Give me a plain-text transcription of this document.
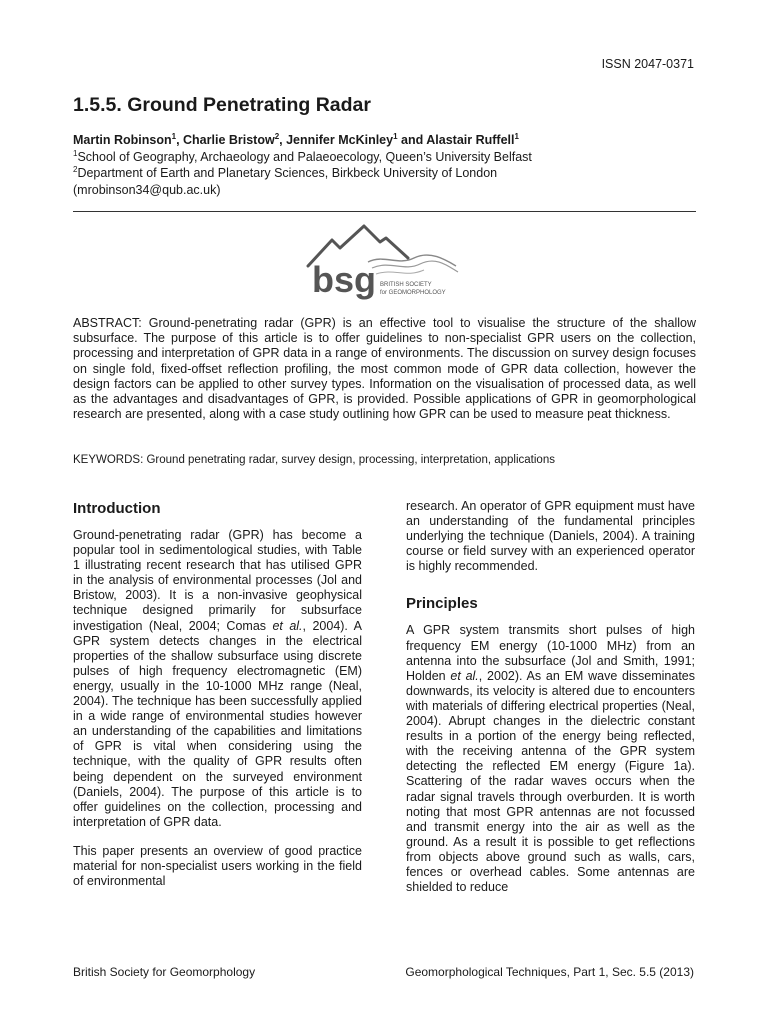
ISSN 2047-0371
1.5.5. Ground Penetrating Radar
Martin Robinson$^1$, Charlie Bristow$^2$, Jennifer McKinley$^1$ and Alastair Ruffell$^1$
$^1$School of Geography, Archaeology and Palaeoecology, Queen’s University Belfast
$^2$Department of Earth and Planetary Sciences, Birkbeck University of London
(mrobinson34@qub.ac.uk)
bsg BRITISH SOCIETY
for GEOMORPHOLOGY

ABSTRACT: Ground-penetrating radar (GPR) is an effective tool to visualise the structure of the shallow subsurface. The purpose of this article is to offer guidelines to non-specialist GPR users on the collection, processing and interpretation of GPR data in a range of environments. The discussion on survey design focuses on single fold, fixed-offset reflection profiling, the most common mode of GPR data collection, however the design factors can be applied to other survey types. Information on the visualisation of processed data, as well as the advantages and disadvantages of GPR, is provided. Possible applications of GPR in geomorphological research are presented, along with a case study outlining how GPR can be used to measure peat thickness.

KEYWORDS: Ground penetrating radar, survey design, processing, interpretation, applications

Introduction

Ground-penetrating radar (GPR) has become a popular tool in sedimentological studies, with Table 1 illustrating recent research that has utilised GPR in the analysis of environmental processes (Jol and Bristow, 2003). It is a non-invasive geophysical technique designed primarily for subsurface investigation (Neal, 2004; Comas et al., 2004). A GPR system detects changes in the electrical properties of the shallow subsurface using discrete pulses of high frequency electromagnetic (EM) energy, usually in the 10-1000 MHz range (Neal, 2004). The technique has been successfully applied in a wide range of environmental studies however an understanding of the capabilities and limitations of GPR is vital when considering using the technique, with the quality of GPR results often being dependent on the surveyed environment (Daniels, 2004). The purpose of this article is to offer guidelines on the collection, processing and interpretation of GPR data.

This paper presents an overview of good practice material for non-specialist users working in the field of environmental

research. An operator of GPR equipment must have an understanding of the fundamental principles underlying the technique (Daniels, 2004). A training course or field survey with an experienced operator is highly recommended.

Principles

A GPR system transmits short pulses of high frequency EM energy (10-1000 MHz) from an antenna into the subsurface (Jol and Smith, 1991; Holden et al., 2002). As an EM wave disseminates downwards, its velocity is altered due to encounters with materials of differing electrical properties (Neal, 2004). Abrupt changes in the dielectric constant results in a portion of the energy being reflected, with the receiving antenna of the GPR system detecting the reflected EM energy (Figure 1a). Scattering of the radar waves occurs when the radar signal travels through overburden. It is worth noting that most GPR antennas are not focussed and transmit energy into the air as well as the ground. As a result it is possible to get reflections from objects above ground such as walls, cars, fences or overhead cables. Some antennas are shielded to reduce

British Society for Geomorphology	Geomorphological Techniques, Part 1, Sec. 5.5 (2013)
